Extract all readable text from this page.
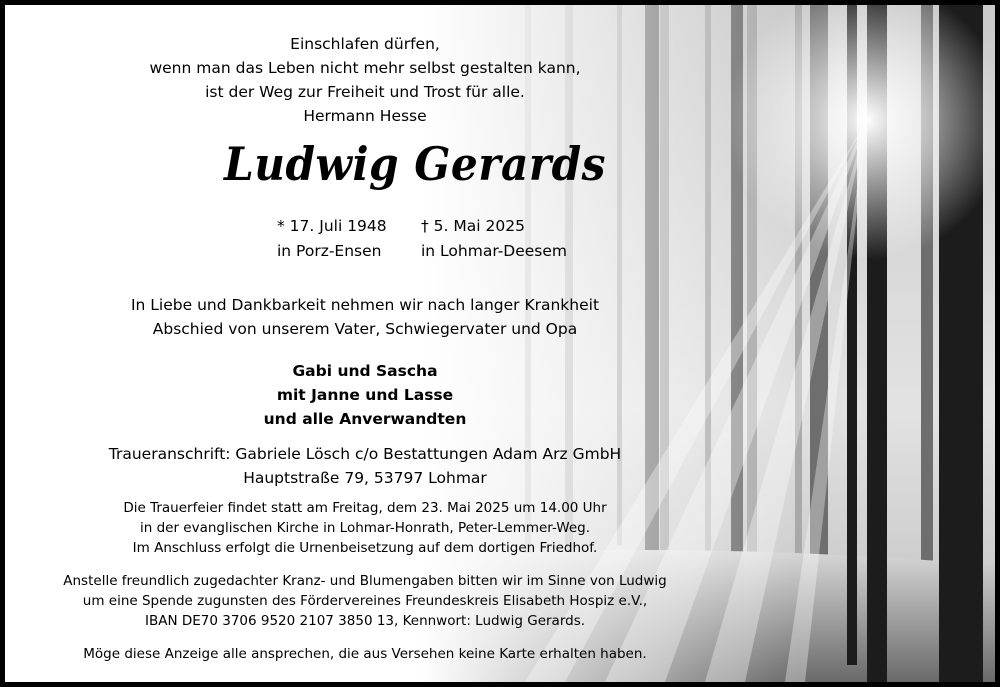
Einschlafen dürfen,
wenn man das Leben nicht mehr selbst gestalten kann,
ist der Weg zur Freiheit und Trost für alle.
Hermann Hesse
Ludwig Gerards
* 17. Juli 1948
in Porz-Ensen
† 5. Mai 2025
in Lohmar-Deesem
In Liebe und Dankbarkeit nehmen wir nach langer Krankheit
Abschied von unserem Vater, Schwiegervater und Opa
Gabi und Sascha
mit Janne und Lasse
und alle Anverwandten
Traueranschrift: Gabriele Lösch c/o Bestattungen Adam Arz GmbH
Hauptstraße 79, 53797 Lohmar
Die Trauerfeier findet statt am Freitag, dem 23. Mai 2025 um 14.00 Uhr
in der evanglischen Kirche in Lohmar-Honrath, Peter-Lemmer-Weg.
Im Anschluss erfolgt die Urnenbeisetzung auf dem dortigen Friedhof.
Anstelle freundlich zugedachter Kranz- und Blumengaben bitten wir im Sinne von Ludwig
um eine Spende zugunsten des Fördervereines Freundeskreis Elisabeth Hospiz e.V.,
IBAN DE70 3706 9520 2107 3850 13, Kennwort: Ludwig Gerards.
Möge diese Anzeige alle ansprechen, die aus Versehen keine Karte erhalten haben.
